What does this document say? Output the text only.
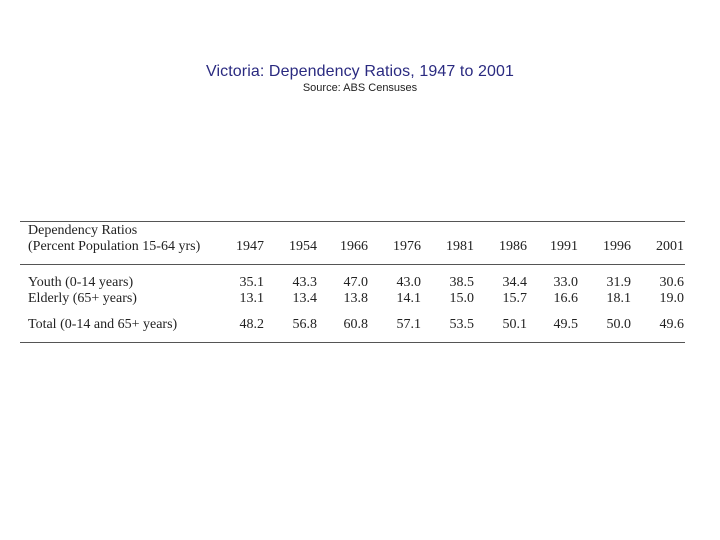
Victoria: Dependency Ratios, 1947 to 2001
Source: ABS Censuses
Dependency Ratios
(Percent Population 15-64 yrs)	1947	1954	1966	1976	1981	1986	1991	1996	2001
Youth (0-14 years)	35.1	43.3	47.0	43.0	38.5	34.4	33.0	31.9	30.6
Elderly (65+ years)	13.1	13.4	13.8	14.1	15.0	15.7	16.6	18.1	19.0
Total (0-14 and 65+ years)	48.2	56.8	60.8	57.1	53.5	50.1	49.5	50.0	49.6
